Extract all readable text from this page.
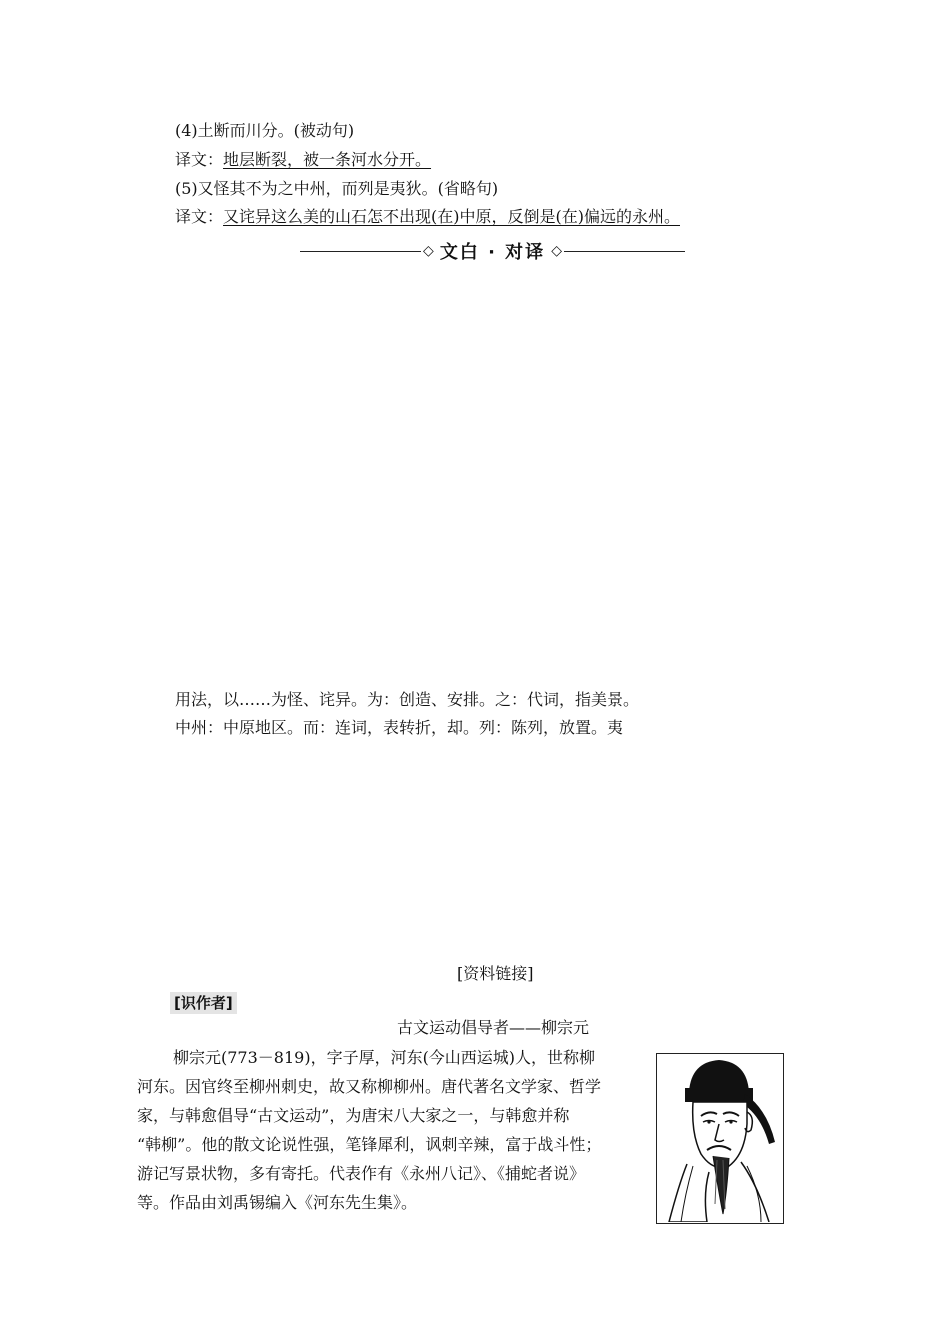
(4)土断而川分。(被动句)
译文：地层断裂，被一条河水分开。
(5)又怪其不为之中州，而列是夷狄。(省略句)
译文：又诧异这么美的山石怎不出现(在)中原，反倒是(在)偏远的永州。
◇ 文白 · 对译 ◇
用法，以……为怪、诧异。为：创造、安排。之：代词，指美景。
中州：中原地区。而：连词，表转折，却。列：陈列，放置。夷
[资料链接]
[识作者]
古文运动倡导者——柳宗元
柳宗元(773－819)，字子厚，河东(今山西运城)人，世称柳
河东。因官终至柳州刺史，故又称柳柳州。唐代著名文学家、哲学
家，与韩愈倡导“古文运动”，为唐宋八大家之一，与韩愈并称
“韩柳”。他的散文论说性强，笔锋犀利，讽刺辛辣，富于战斗性；
游记写景状物，多有寄托。代表作有《永州八记》、《捕蛇者说》
等。作品由刘禹锡编入《河东先生集》。
